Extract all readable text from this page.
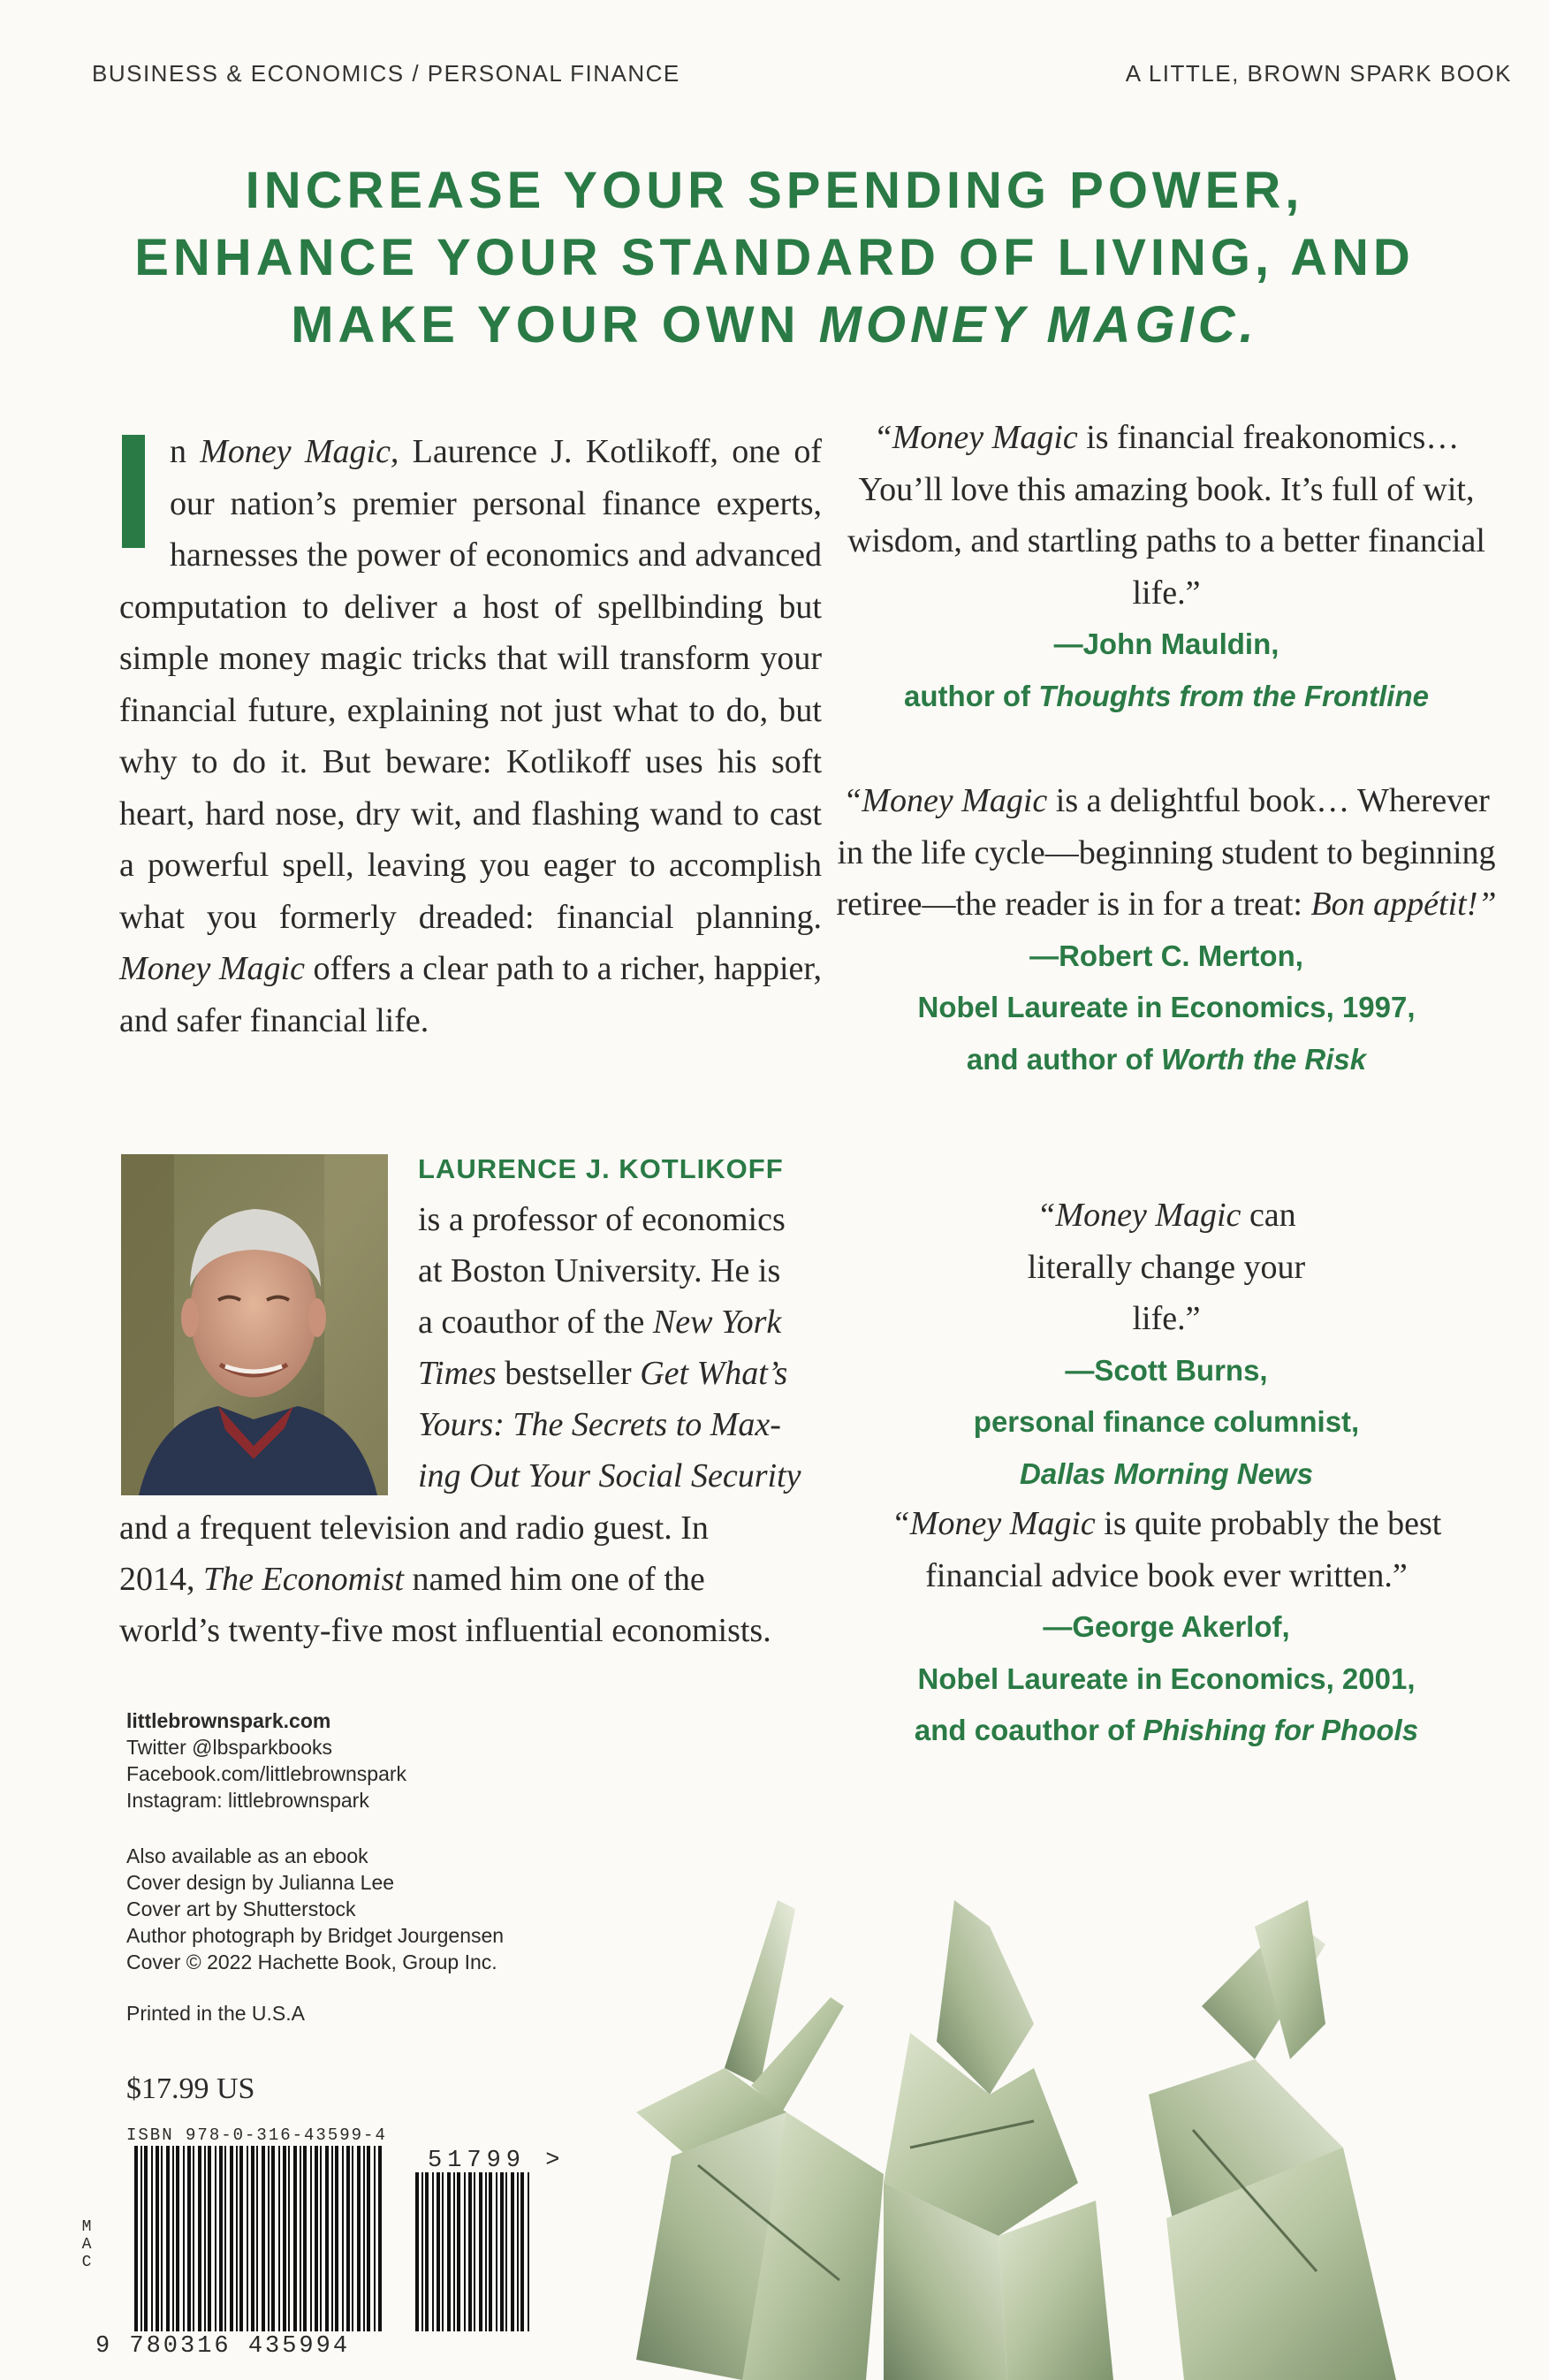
BUSINESS & ECONOMICS / PERSONAL FINANCE	A LITTLE, BROWN SPARK BOOK
INCREASE YOUR SPENDING POWER,
ENHANCE YOUR STANDARD OF LIVING, AND
MAKE YOUR OWN MONEY MAGIC.
n Money Magic, Laurence J. Kotlikoff, one of our nation’s premier personal finance experts, harnesses the power of economics and advanced computation to deliver a host of spellbinding but simple money magic tricks that will transform your financial future, explaining not just what to do, but why to do it. But beware: Kotlikoff uses his soft heart, hard nose, dry wit, and flashing wand to cast a powerful spell, leaving you eager to accomplish what you formerly dreaded: financial planning. Money Magic offers a clear path to a richer, happier, and safer financial life.
LAURENCE J. KOTLIKOFF
is a professor of economics
at Boston University. He is
a coauthor of the New York
Times bestseller Get What’s
Yours: The Secrets to Max-
ing Out Your Social Security
and a frequent television and radio guest. In
2014, The Economist named him one of the
world’s twenty-five most influential economists.
littlebrownspark.com
Twitter @lbsparkbooks
Facebook.com/littlebrownspark
Instagram: littlebrownspark
Also available as an ebook
Cover design by Julianna Lee
Cover art by Shutterstock
Author photograph by Bridget Jourgensen
Cover © 2022 Hachette Book, Group Inc.
Printed in the U.S.A
$17.99 US
ISBN 978-0-316-43599-4
9 780316 435994
51799 >
M A C
“Money Magic is financial freakonomics… You’ll love this amazing book. It’s full of wit, wisdom, and startling paths to a better financial life.”
—John Mauldin,
author of Thoughts from the Frontline
“Money Magic is a delightful book… Wherever in the life cycle—beginning student to beginning retiree—the reader is in for a treat: Bon appétit!”
—Robert C. Merton,
Nobel Laureate in Economics, 1997,
and author of Worth the Risk
“Money Magic can literally change your life.”
—Scott Burns,
personal finance columnist,
Dallas Morning News
“Money Magic is quite probably the best financial advice book ever written.”
—George Akerlof,
Nobel Laureate in Economics, 2001,
and coauthor of Phishing for Phools
